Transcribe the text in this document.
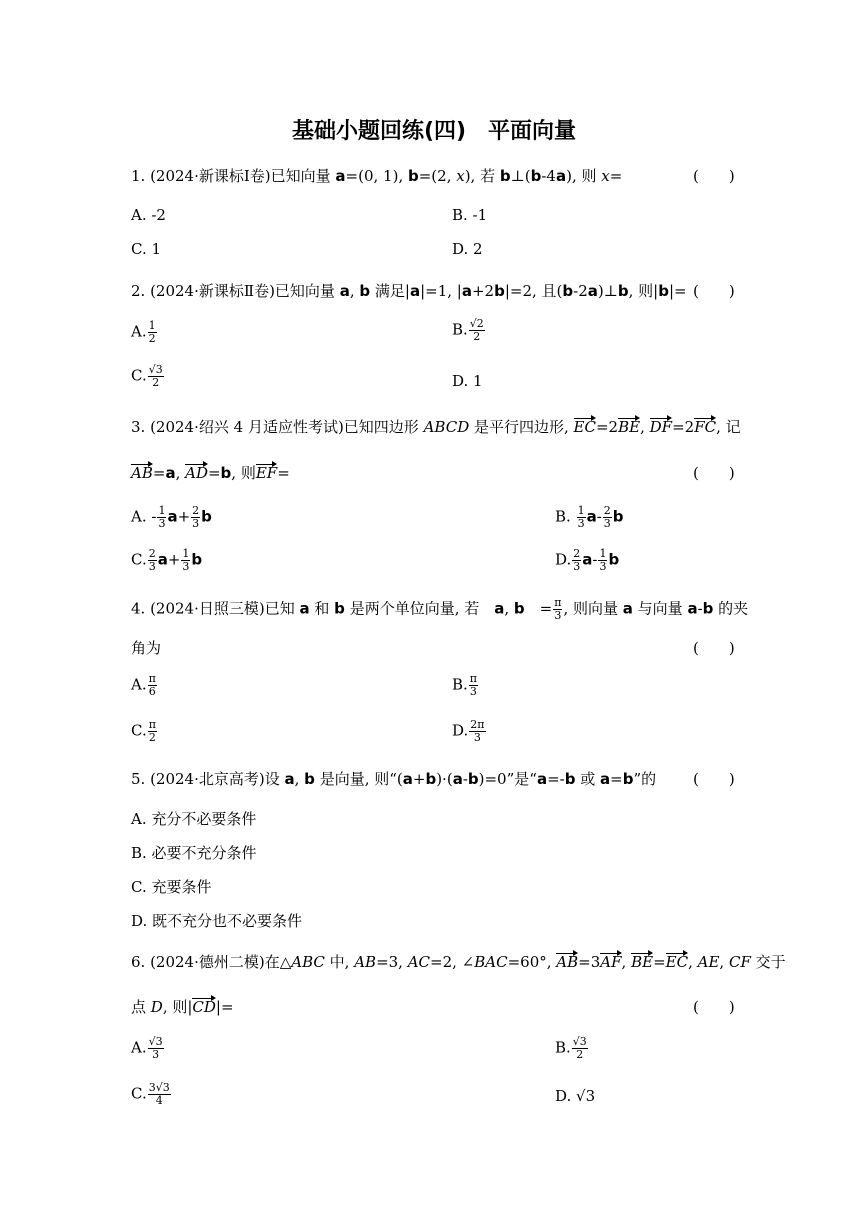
基础小题回练(四)　平面向量
1. (2024·新课标Ⅰ卷)已知向量 a=(0, 1), b=(2, x), 若 b⊥(b-4a), 则 x=	(　　)
A. -2	B. -1
C. 1	D. 2
2. (2024·新课标Ⅱ卷)已知向量 a, b 满足|a|=1, |a+2b|=2, 且(b-2a)⊥b, 则|b|= (　　)
A. $\frac{1}{2}$	B. $\frac{√2}{2}$
C. $\frac{√3}{2}$	D. 1
3. (2024·绍兴 4 月适应性考试)已知四边形 ABCD 是平行四边形, EC=2BE, DF=2FC, 记
AB=a, AD=b, 则EF=	(　　)
A. - $\frac{1}{3} a+ \frac{2}{3}$ b	B. $\frac{1}{3} a- \frac{2}{3}$ b
C. $\frac{2}{3} a+ \frac{1}{3}$ b	D. $\frac{2}{3} a- \frac{1}{3}$ b
4. (2024·日照三模)已知 a 和 b 是两个单位向量, 若　a, b　= $\frac{\pi}{3}$ , 则向量 a 与向量 a-b 的夹
角为	(　　)
A. $\frac{\pi}{6}$	B. $\frac{\pi}{3}$
C. $\frac{\pi}{2}$	D. $\frac{2\pi}{3}$
5. (2024·北京高考)设 a, b 是向量, 则“(a+b)·(a-b)=0”是“a=-b 或 a=b”的 (　　)
A. 充分不必要条件
B. 必要不充分条件
C. 充要条件
D. 既不充分也不必要条件
6. (2024·德州二模)在△ABC 中, AB=3, AC=2, ∠BAC=60°, AB=3AF, BE=EC, AE, CF 交于
点 D, 则|CD|=	(　　)
A. $\frac{√3}{3}$	B. $\frac{√3}{2}$
C. $\frac{3√3}{4}$	D. √3
